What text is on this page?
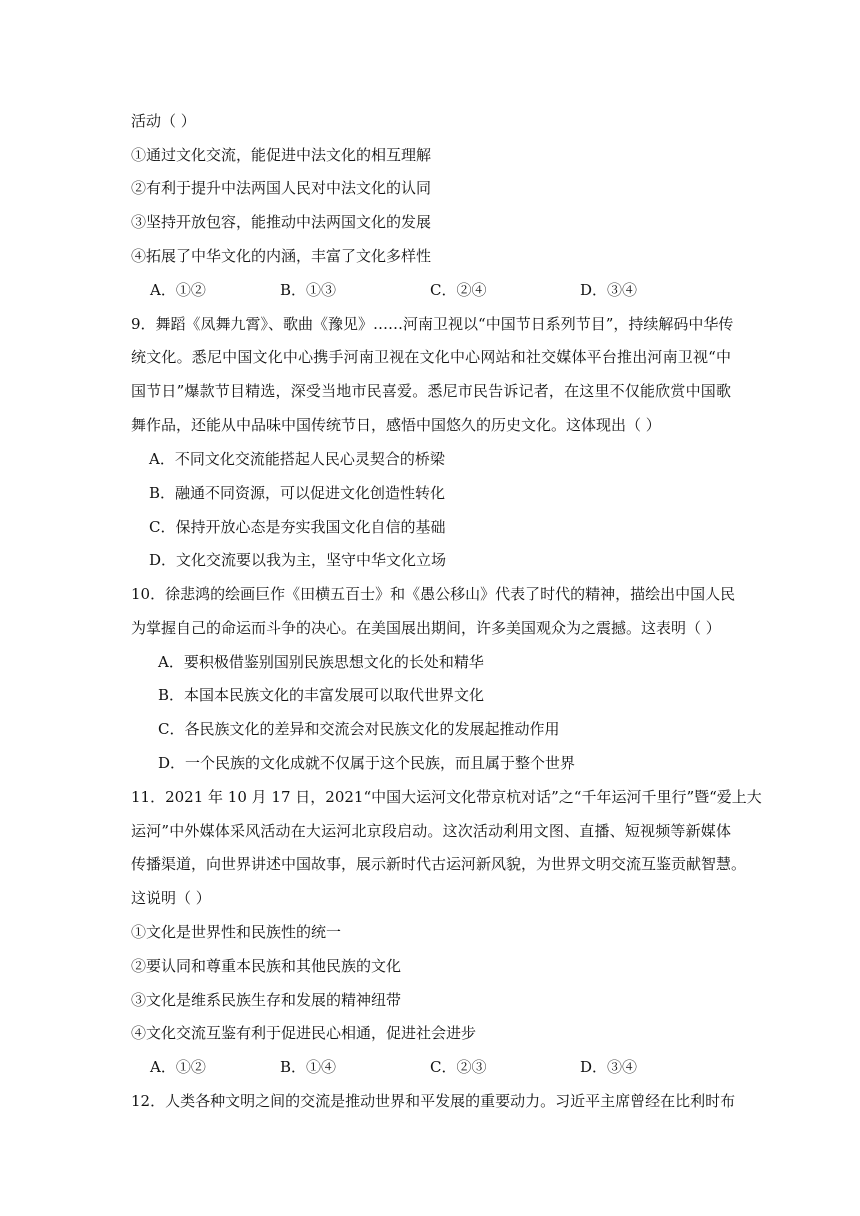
活动（ ）
①通过文化交流，能促进中法文化的相互理解
②有利于提升中法两国人民对中法文化的认同
③坚持开放包容，能推动中法两国文化的发展
④拓展了中华文化的内涵，丰富了文化多样性
A．①②	B．①③	C．②④	D．③④
9．舞蹈《凤舞九霄》、歌曲《豫见》……河南卫视以“中国节日系列节目”，持续解码中华传
统文化。悉尼中国文化中心携手河南卫视在文化中心网站和社交媒体平台推出河南卫视“中
国节日”爆款节目精选，深受当地市民喜爱。悉尼市民告诉记者，在这里不仅能欣赏中国歌
舞作品，还能从中品味中国传统节日，感悟中国悠久的历史文化。这体现出（ ）
A．不同文化交流能搭起人民心灵契合的桥梁
B．融通不同资源，可以促进文化创造性转化
C．保持开放心态是夯实我国文化自信的基础
D．文化交流要以我为主，坚守中华文化立场
10．徐悲鸿的绘画巨作《田横五百士》和《愚公移山》代表了时代的精神，描绘出中国人民
为掌握自己的命运而斗争的决心。在美国展出期间，许多美国观众为之震撼。这表明（ ）
A．要积极借鉴别国别民族思想文化的长处和精华
B．本国本民族文化的丰富发展可以取代世界文化
C．各民族文化的差异和交流会对民族文化的发展起推动作用
D．一个民族的文化成就不仅属于这个民族，而且属于整个世界
11．2021 年 10 月 17 日，2021“中国大运河文化带京杭对话”之“千年运河千里行”暨“爱上大
运河”中外媒体采风活动在大运河北京段启动。这次活动利用文图、直播、短视频等新媒体
传播渠道，向世界讲述中国故事，展示新时代古运河新风貌，为世界文明交流互鉴贡献智慧。
这说明（ ）
①文化是世界性和民族性的统一
②要认同和尊重本民族和其他民族的文化
③文化是维系民族生存和发展的精神纽带
④文化交流互鉴有利于促进民心相通，促进社会进步
A．①②	B．①④	C．②③	D．③④
12．人类各种文明之间的交流是推动世界和平发展的重要动力。习近平主席曾经在比利时布
